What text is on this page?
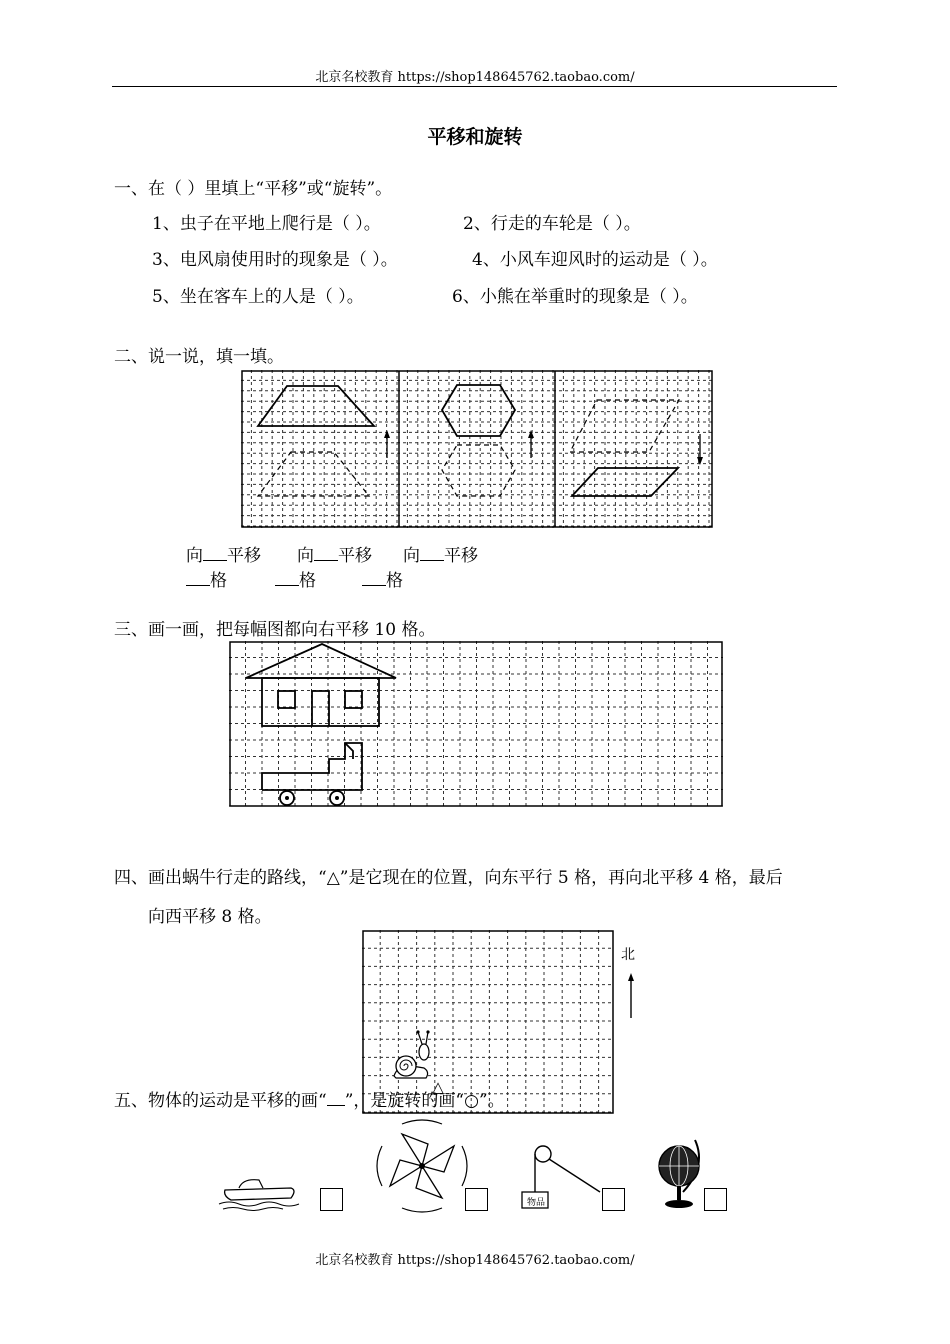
北京名校教育 https://shop148645762.taobao.com/
平移和旋转
一、在（ ）里填上“平移”或“旋转”。
1、虫子在平地上爬行是（ ）。	2、行走的车轮是（ ）。
3、电风扇使用时的现象是（ ）。	4、小风车迎风时的运动是（ ）。
5、坐在客车上的人是（ ）。	6、小熊在举重时的现象是（ ）。
二、说一说，填一填。
向 平移 向 平移 向 平移
格	格	格
三、画一画，把每幅图都向右平移 10 格。
四、画出蜗牛行走的路线，“△”是它现在的位置，向东平行 5 格，再向北平移 4 格，最后
向西平移 8 格。
△
北
五、物体的运动是平移的画“ ”，是旋转的画“○”。
物品
北京名校教育 https://shop148645762.taobao.com/
